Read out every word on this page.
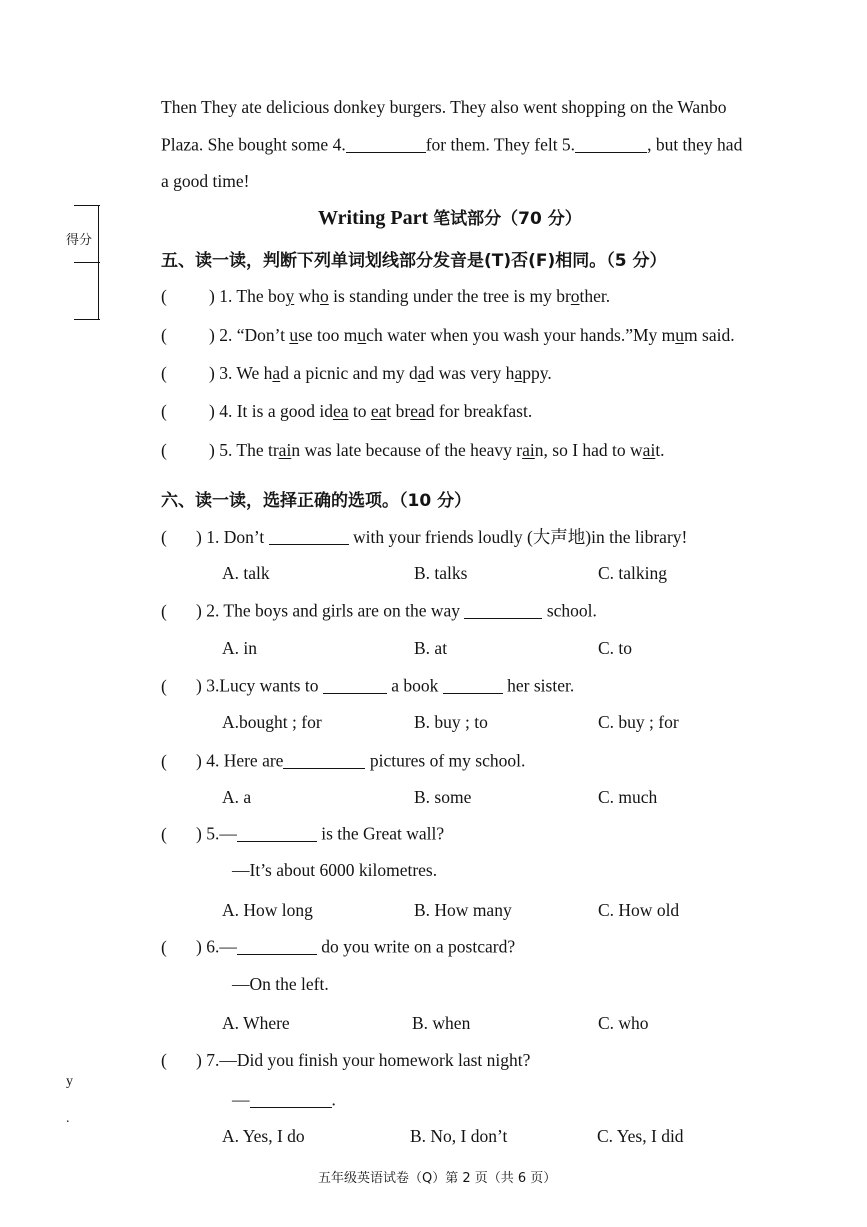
得分
y
.
Then They ate delicious donkey burgers. They also went shopping on the Wanbo
Plaza. She bought some 4.	for them. They felt 5.	, but they had
a good time!
Writing Part 笔试部分（70 分）
五、读一读，判断下列单词划线部分发音是(T)否(F)相同。（5 分）
( ) 1. The boy who is standing under the tree is my brother.
( ) 2. “Don’t use too much water when you wash your hands.”My mum said.
( ) 3. We had a picnic and my dad was very happy.
( ) 4. It is a good idea to eat bread for breakfast.
( ) 5. The train was late because of the heavy rain, so I had to wait.
六、读一读，选择正确的选项。（10 分）
( ) 1. Don’t	with your friends loudly (大声地)in the library!
A. talk	B. talks	C. talking
( ) 2. The boys and girls are on the way	school.
A. in	B. at	C. to
( ) 3.Lucy wants to	a book	her sister.
A.bought ; for	B. buy ; to	C. buy ; for
( ) 4. Here are	pictures of my school.
A. a	B. some	C. much
( ) 5.—	is the Great wall?
—It’s about 6000 kilometres.
A. How long	B. How many	C. How old
( ) 6.—	do you write on a postcard?
—On the left.
A. Where	B. when	C. who
( ) 7.—Did you finish your homework last night?
—	.
A. Yes, I do	B. No, I don’t	C. Yes, I did
五年级英语试卷（Q）第 2 页（共 6 页）
